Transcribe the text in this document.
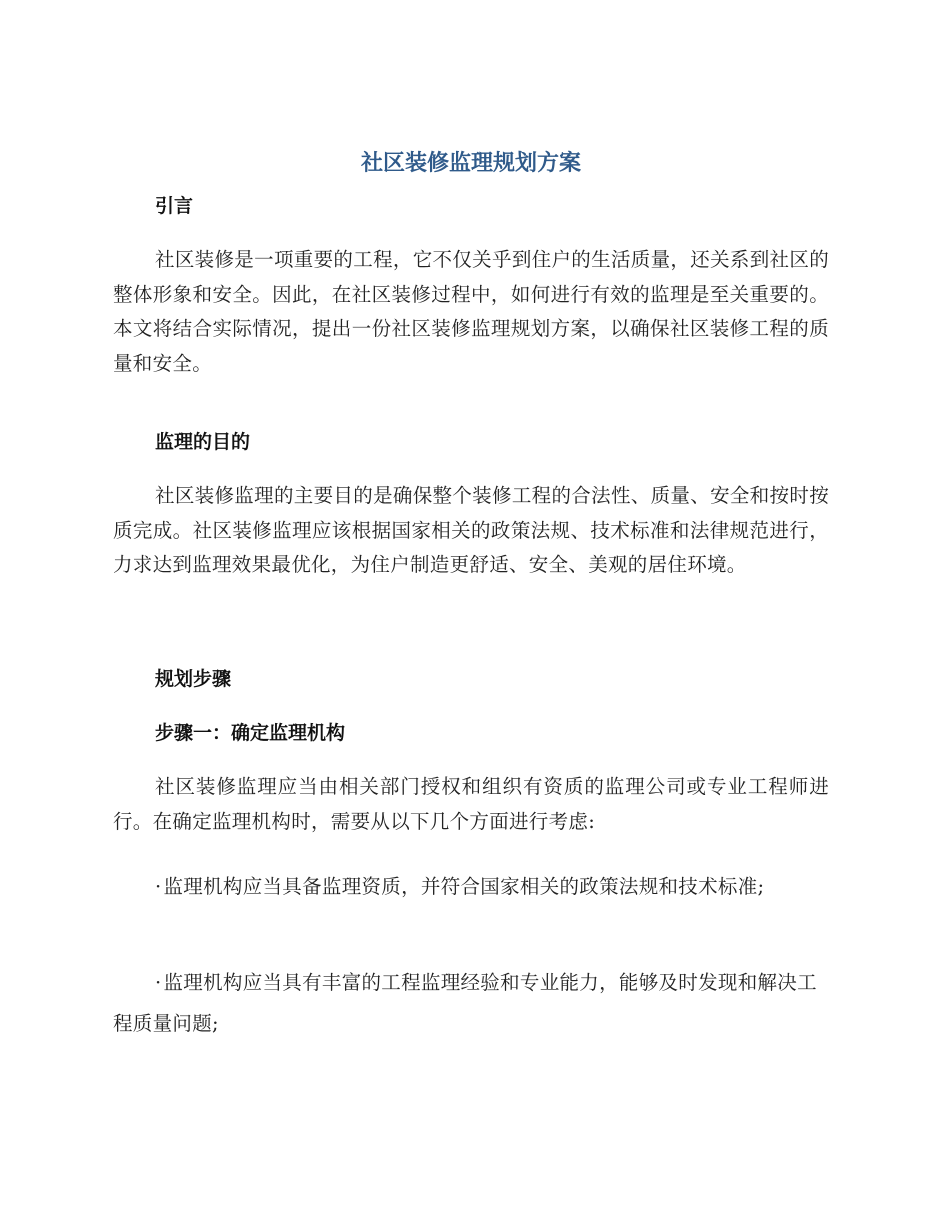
社区装修监理规划方案
引言

社区装修是一项重要的工程，它不仅关乎到住户的生活质量，还关系到社区的整体形象和安全。因此，在社区装修过程中，如何进行有效的监理是至关重要的。本文将结合实际情况，提出一份社区装修监理规划方案，以确保社区装修工程的质量和安全。

监理的目的

社区装修监理的主要目的是确保整个装修工程的合法性、质量、安全和按时按质完成。社区装修监理应该根据国家相关的政策法规、技术标准和法律规范进行，力求达到监理效果最优化，为住户制造更舒适、安全、美观的居住环境。

规划步骤
步骤一：确定监理机构

社区装修监理应当由相关部门授权和组织有资质的监理公司或专业工程师进行。在确定监理机构时，需要从以下几个方面进行考虑:

· 监理机构应当具备监理资质，并符合国家相关的政策法规和技术标准;

· 监理机构应当具有丰富的工程监理经验和专业能力，能够及时发现和解决工程质量问题;
